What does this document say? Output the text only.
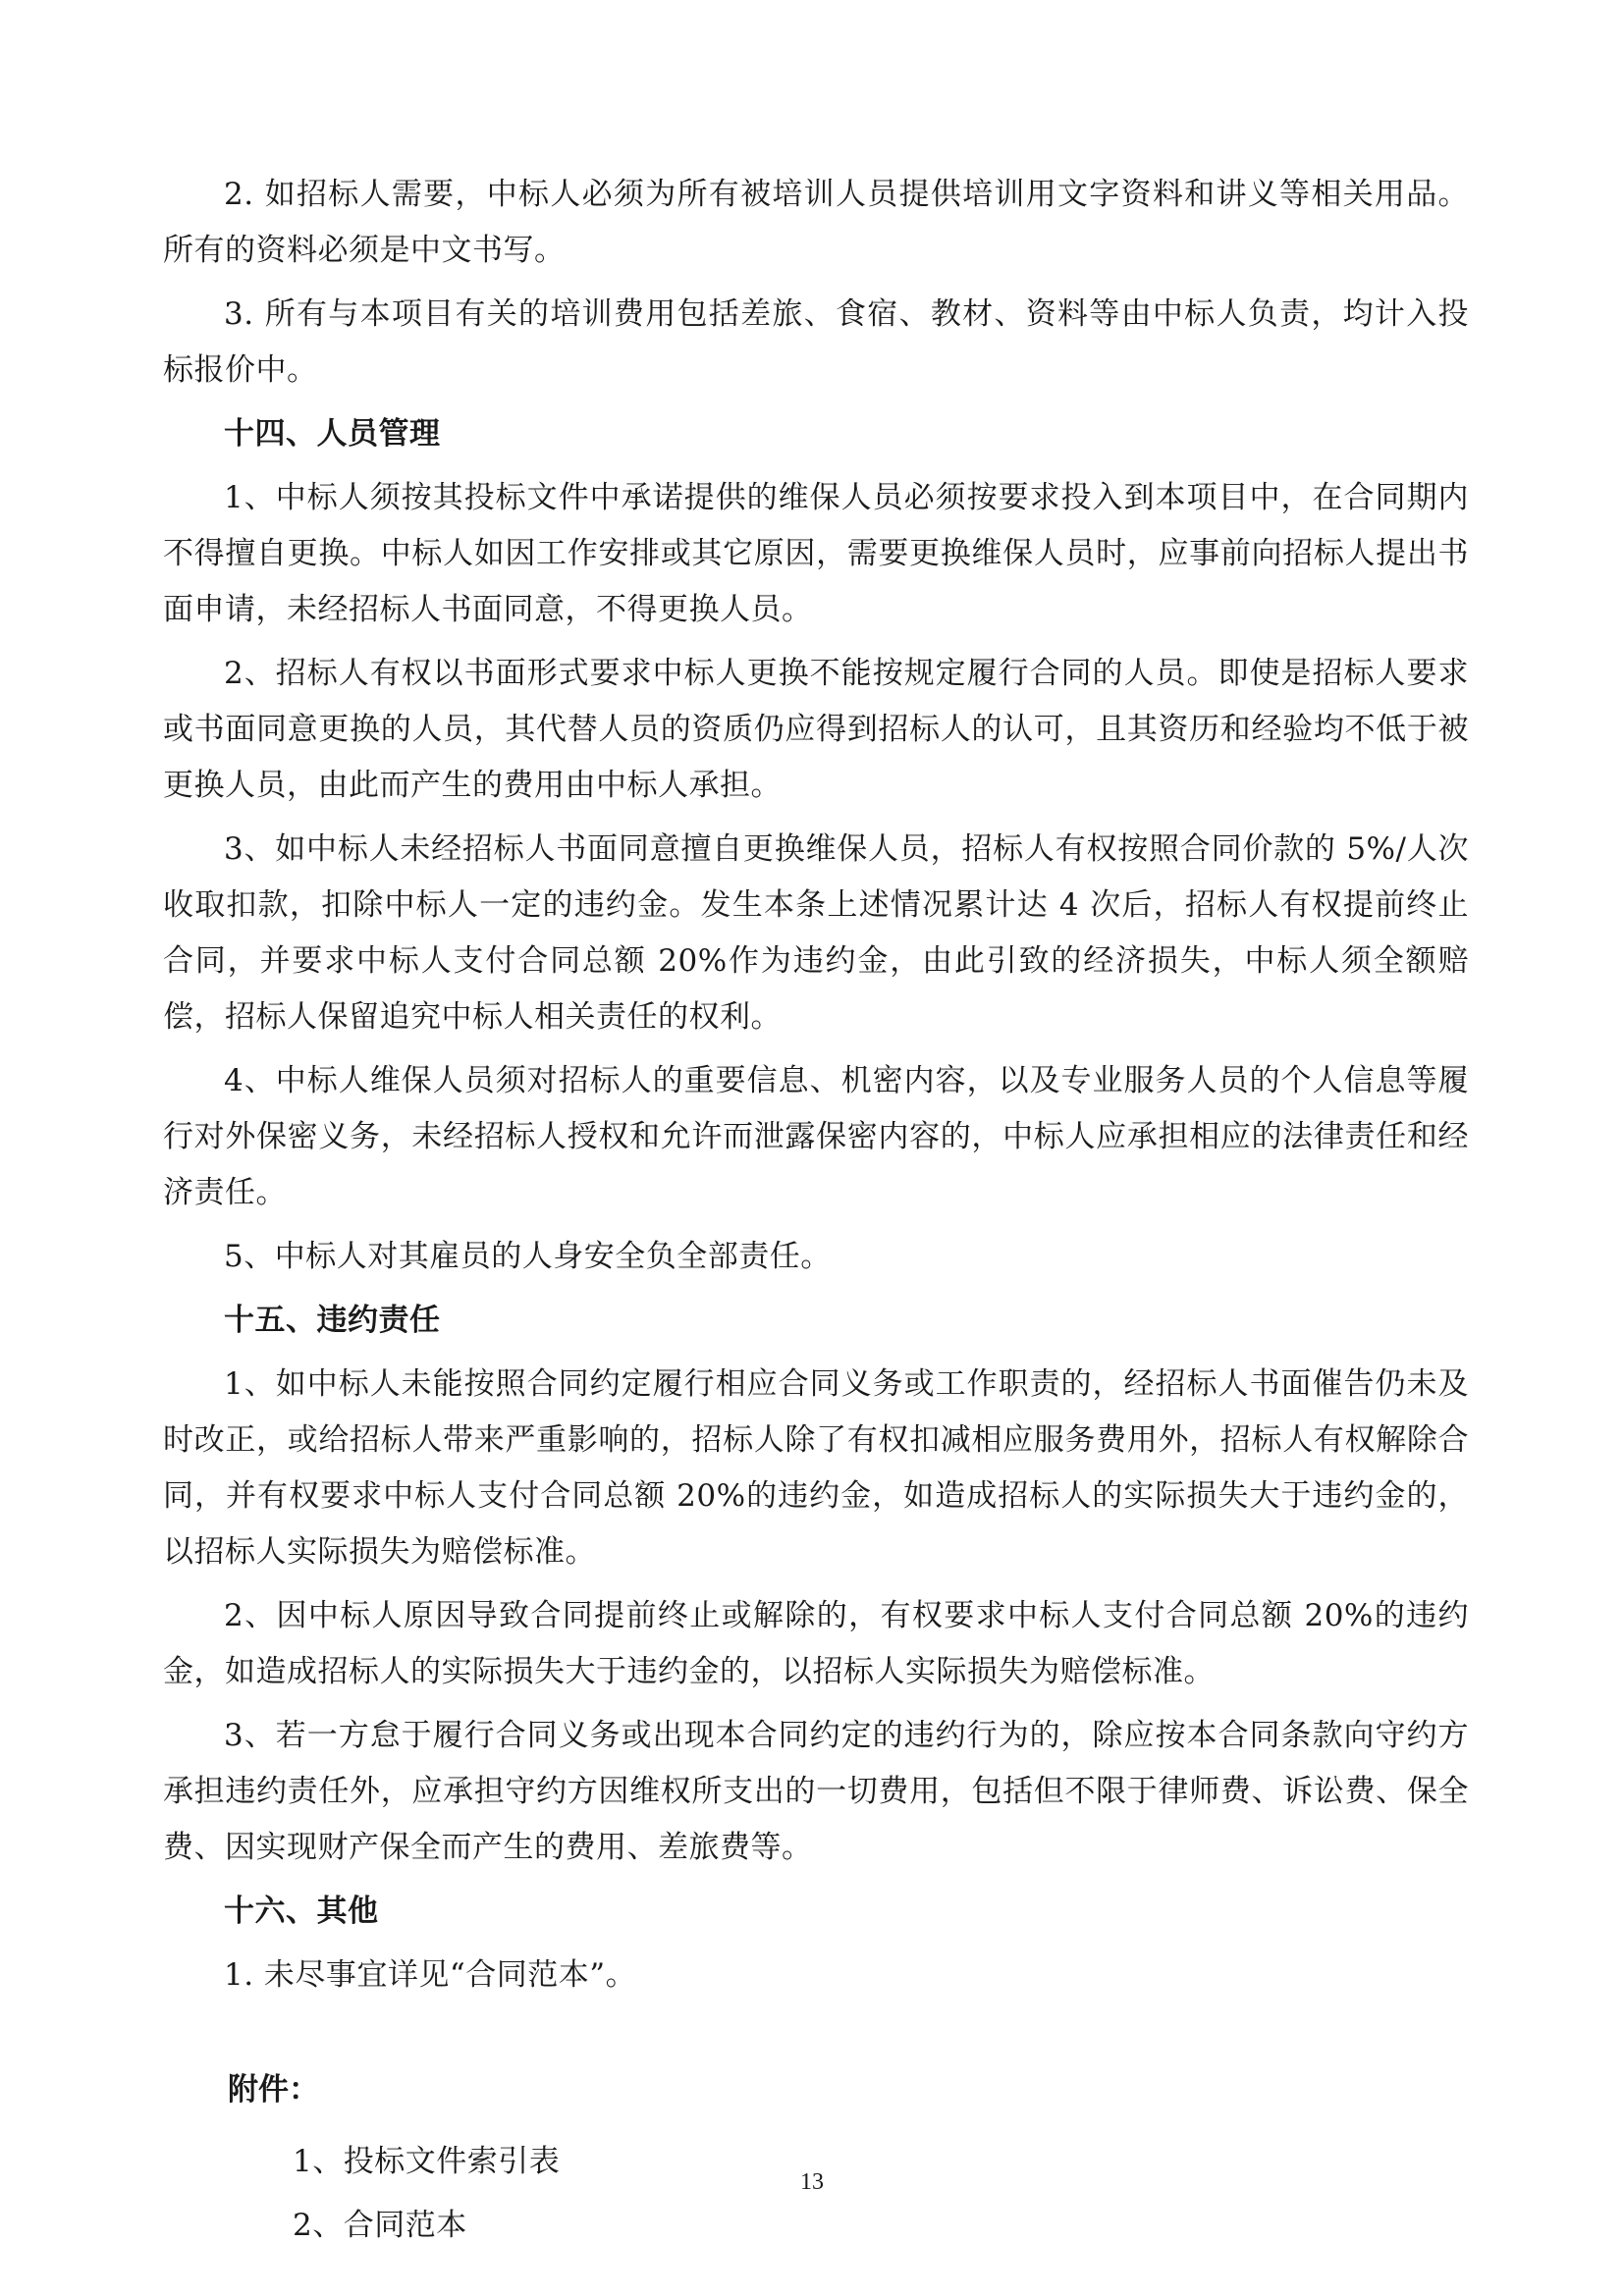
2. 如招标人需要，中标人必须为所有被培训人员提供培训用文字资料和讲义等相关用品。所有的资料必须是中文书写。

3. 所有与本项目有关的培训费用包括差旅、食宿、教材、资料等由中标人负责，均计入投标报价中。

十四、人员管理

1、中标人须按其投标文件中承诺提供的维保人员必须按要求投入到本项目中，在合同期内不得擅自更换。中标人如因工作安排或其它原因，需要更换维保人员时，应事前向招标人提出书面申请，未经招标人书面同意，不得更换人员。

2、招标人有权以书面形式要求中标人更换不能按规定履行合同的人员。即使是招标人要求或书面同意更换的人员，其代替人员的资质仍应得到招标人的认可，且其资历和经验均不低于被更换人员，由此而产生的费用由中标人承担。

3、如中标人未经招标人书面同意擅自更换维保人员，招标人有权按照合同价款的 5%/人次收取扣款，扣除中标人一定的违约金。发生本条上述情况累计达 4 次后，招标人有权提前终止合同，并要求中标人支付合同总额 20%作为违约金，由此引致的经济损失，中标人须全额赔偿，招标人保留追究中标人相关责任的权利。

4、中标人维保人员须对招标人的重要信息、机密内容，以及专业服务人员的个人信息等履行对外保密义务，未经招标人授权和允许而泄露保密内容的，中标人应承担相应的法律责任和经济责任。

5、中标人对其雇员的人身安全负全部责任。

十五、违约责任

1、如中标人未能按照合同约定履行相应合同义务或工作职责的，经招标人书面催告仍未及时改正，或给招标人带来严重影响的，招标人除了有权扣减相应服务费用外，招标人有权解除合同，并有权要求中标人支付合同总额 20%的违约金，如造成招标人的实际损失大于违约金的，以招标人实际损失为赔偿标准。

2、因中标人原因导致合同提前终止或解除的，有权要求中标人支付合同总额 20%的违约金，如造成招标人的实际损失大于违约金的，以招标人实际损失为赔偿标准。

3、若一方怠于履行合同义务或出现本合同约定的违约行为的，除应按本合同条款向守约方承担违约责任外，应承担守约方因维权所支出的一切费用，包括但不限于律师费、诉讼费、保全费、因实现财产保全而产生的费用、差旅费等。

十六、其他

1. 未尽事宜详见“合同范本”。

附件：

1、投标文件索引表

2、合同范本

13
